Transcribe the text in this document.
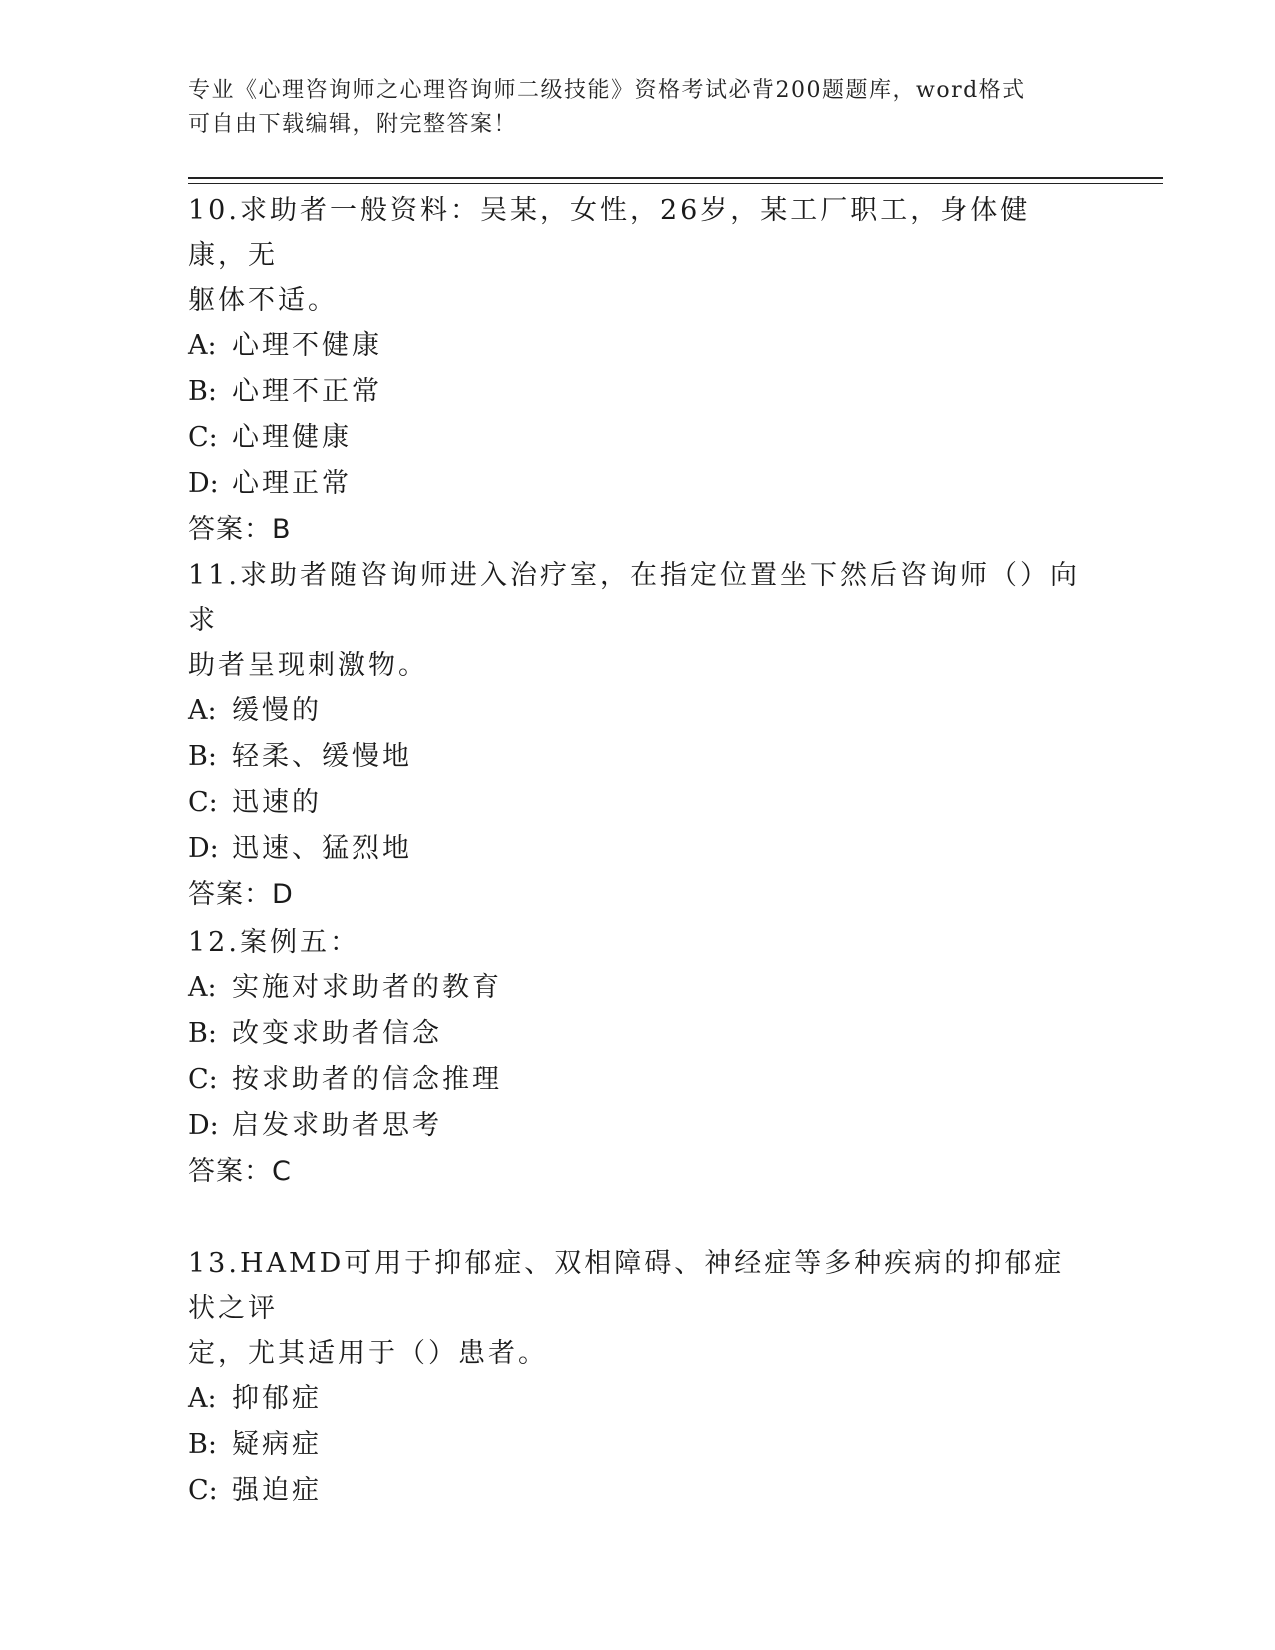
专业《心理咨询师之心理咨询师二级技能》资格考试必背200题题库，word格式
可自由下载编辑，附完整答案！

10.求助者一般资料：吴某，女性，26岁，某工厂职工，身体健康，无

躯体不适。

A: 心理不健康

B: 心理不正常

C: 心理健康

D: 心理正常

答案：B

11.求助者随咨询师进入治疗室，在指定位置坐下然后咨询师（）向求

助者呈现刺激物。

A: 缓慢的

B: 轻柔、缓慢地

C: 迅速的

D: 迅速、猛烈地

答案：D

12.案例五：

A: 实施对求助者的教育

B: 改变求助者信念

C: 按求助者的信念推理

D: 启发求助者思考

答案：C

13.HAMD可用于抑郁症、双相障碍、神经症等多种疾病的抑郁症状之评

定，尤其适用于（）患者。

A: 抑郁症

B: 疑病症

C: 强迫症
